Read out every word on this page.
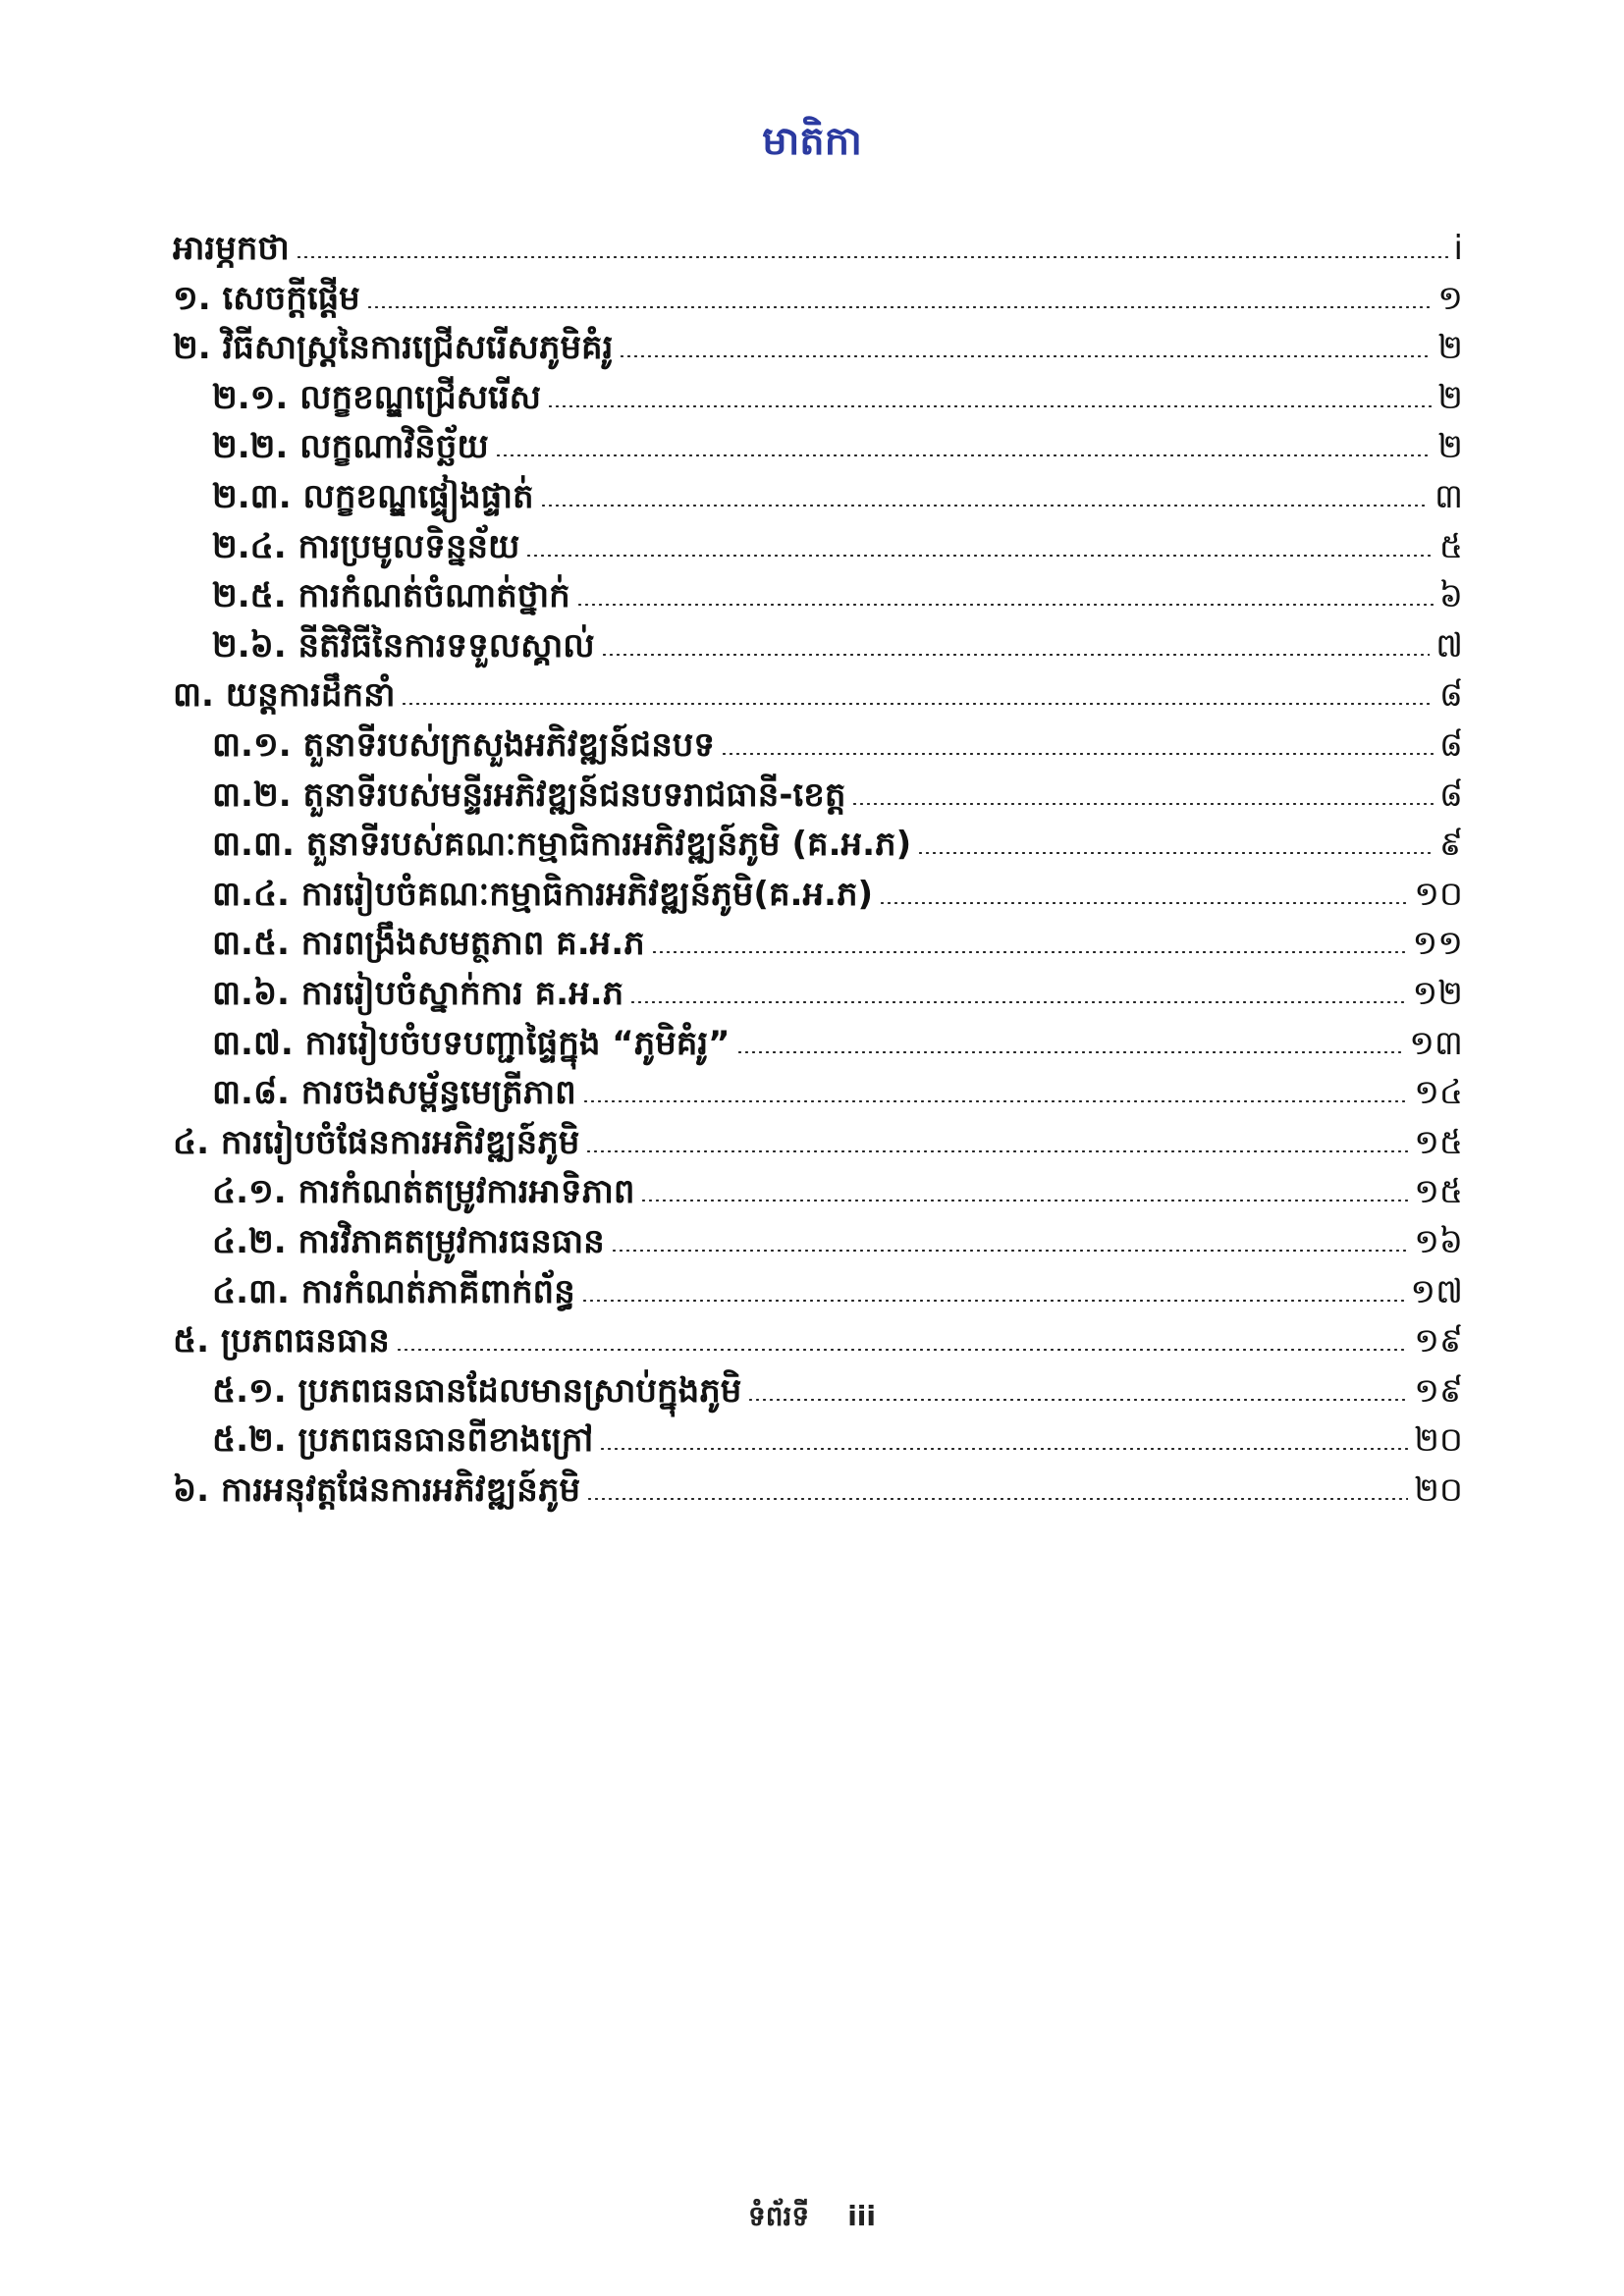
មាតិកា
អារម្ភកថា	i
១. សេចក្តីផ្តើម	១
២. វិធីសាស្រ្តនៃការជ្រើសរើសភូមិគំរូ	២
២.១. លក្ខខណ្ឌជ្រើសរើស	២
២.២. លក្ខណាវិនិច្ឆ័យ	២
២.៣. លក្ខខណ្ឌផ្ទៀងផ្ទាត់	៣
២.៤. ការប្រមូលទិន្នន័យ	៥
២.៥. ការកំណត់ចំណាត់ថ្នាក់	៦
២.៦. នីតិវិធីនៃការទទួលស្គាល់	៧
៣. យន្តការដឹកនាំ	៨
៣.១. តួនាទីរបស់ក្រសួងអភិវឌ្ឍន៍ជនបទ	៨
៣.២. តួនាទីរបស់មន្ទីរអភិវឌ្ឍន៍ជនបទរាជធានី-ខេត្ត	៨
៣.៣. តួនាទីរបស់គណៈកម្មាធិការអភិវឌ្ឍន៍ភូមិ (គ.អ.ភ)	៩
៣.៤. ការរៀបចំគណៈកម្មាធិការអភិវឌ្ឍន៍ភូមិ(គ.អ.ភ)	១០
៣.៥. ការពង្រឹងសមត្ថភាព គ.អ.ភ	១១
៣.៦. ការរៀបចំស្នាក់ការ គ.អ.ភ	១២
៣.៧. ការរៀបចំបទបញ្ជាផ្ទៃក្នុង “ភូមិគំរូ”	១៣
៣.៨. ការចងសម្ព័ន្ធមេត្រីភាព	១៤
៤. ការរៀបចំផែនការអភិវឌ្ឍន៍ភូមិ	១៥
៤.១. ការកំណត់តម្រូវការអាទិភាព	១៥
៤.២. ការវិភាគតម្រូវការធនធាន	១៦
៤.៣. ការកំណត់ភាគីពាក់ព័ន្ធ	១៧
៥. ប្រភពធនធាន	១៩
៥.១. ប្រភពធនធានដែលមានស្រាប់ក្នុងភូមិ	១៩
៥.២. ប្រភពធនធានពីខាងក្រៅ	២០
៦. ការអនុវត្តផែនការអភិវឌ្ឍន៍ភូមិ	២០
ទំព័រទី iii
